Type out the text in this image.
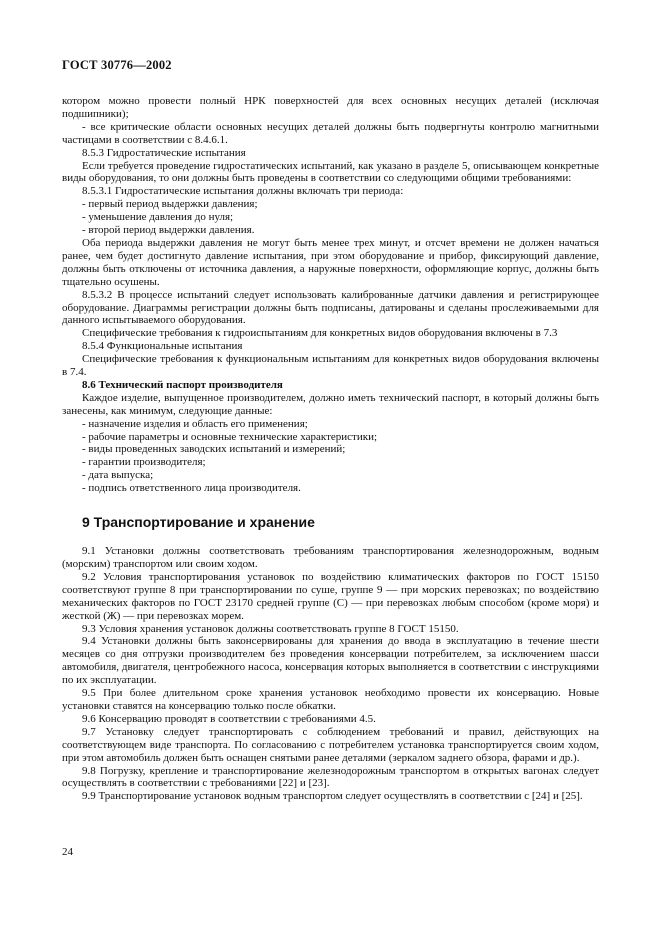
ГОСТ 30776—2002

котором можно провести полный НРК поверхностей для всех основных несущих деталей (исключая подшипники);

- все критические области основных несущих деталей должны быть подвергнуты контролю магнитными частицами в соответствии с 8.4.6.1.

8.5.3 Гидростатические испытания

Если требуется проведение гидростатических испытаний, как указано в разделе 5, описывающем конкретные виды оборудования, то они должны быть проведены в соответствии со следующими общими требованиями:

8.5.3.1 Гидростатические испытания должны включать три периода:

- первый период выдержки давления;

- уменьшение давления до нуля;

- второй период выдержки давления.

Оба периода выдержки давления не могут быть менее трех минут, и отсчет времени не должен начаться ранее, чем будет достигнуто давление испытания, при этом оборудование и прибор, фиксирующий давление, должны быть отключены от источника давления, а наружные поверхности, оформляющие корпус, должны быть тщательно осушены.

8.5.3.2 В процессе испытаний следует использовать калиброванные датчики давления и регистрирующее оборудование. Диаграммы регистрации должны быть подписаны, датированы и сделаны прослеживаемыми для данного испытываемого оборудования.

Специфические требования к гидроиспытаниям для конкретных видов оборудования включены в 7.3

8.5.4 Функциональные испытания

Специфические требования к функциональным испытаниям для конкретных видов оборудования включены в 7.4.

8.6 Технический паспорт производителя

Каждое изделие, выпущенное производителем, должно иметь технический паспорт, в который должны быть занесены, как минимум, следующие данные:

- назначение изделия и область его применения;

- рабочие параметры и основные технические характеристики;

- виды проведенных заводских испытаний и измерений;

- гарантии производителя;

- дата выпуска;

- подпись ответственного лица производителя.

9 Транспортирование и хранение

9.1 Установки должны соответствовать требованиям транспортирования железнодорожным, водным (морским) транспортом или своим ходом.

9.2 Условия транспортирования установок по воздействию климатических факторов по ГОСТ 15150 соответствуют группе 8 при транспортировании по суше, группе 9 — при морских перевозках; по воздействию механических факторов по ГОСТ 23170 средней группе (С) — при перевозках любым способом (кроме моря) и жесткой (Ж) — при перевозках морем.

9.3 Условия хранения установок должны соответствовать группе 8 ГОСТ 15150.

9.4 Установки должны быть законсервированы для хранения до ввода в эксплуатацию в течение шести месяцев со дня отгрузки производителем без проведения консервации потребителем, за исключением шасси автомобиля, двигателя, центробежного насоса, консервация которых выполняется в соответствии с инструкциями по их эксплуатации.

9.5 При более длительном сроке хранения установок необходимо провести их консервацию. Новые установки ставятся на консервацию только после обкатки.

9.6 Консервацию проводят в соответствии с требованиями 4.5.

9.7 Установку следует транспортировать с соблюдением требований и правил, действующих на соответствующем виде транспорта. По согласованию с потребителем установка транспортируется своим ходом, при этом автомобиль должен быть оснащен снятыми ранее деталями (зеркалом заднего обзора, фарами и др.).

9.8 Погрузку, крепление и транспортирование железнодорожным транспортом в открытых вагонах следует осуществлять в соответствии с требованиями [22] и [23].

9.9 Транспортирование установок водным транспортом следует осуществлять в соответствии с [24] и [25].

24
